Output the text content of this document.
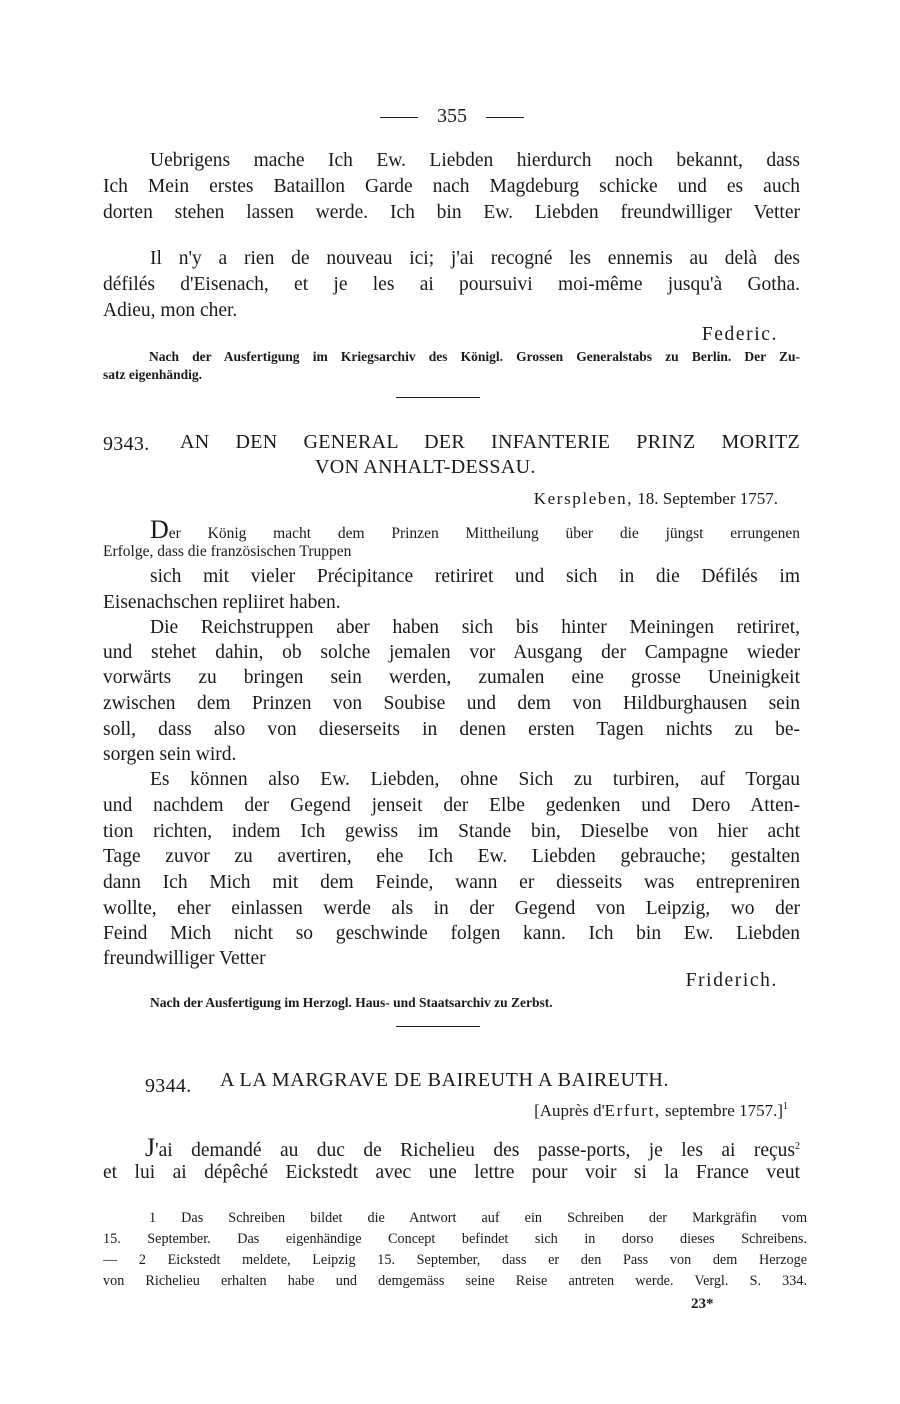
355
Uebrigens mache Ich Ew. Liebden hierdurch noch bekannt, dass
Ich Mein erstes Bataillon Garde nach Magdeburg schicke und es auch
dorten stehen lassen werde. Ich bin Ew. Liebden freundwilliger Vetter
Il n'y a rien de nouveau ici; j'ai recogné les ennemis au delà des
défilés d'Eisenach, et je les ai poursuivi moi-même jusqu'à Gotha.
Adieu, mon cher.
Federic.
Nach der Ausfertigung im Kriegsarchiv des Königl. Grossen Generalstabs zu Berlin. Der Zu-
satz eigenhändig.
9343. AN DEN GENERAL DER INFANTERIE PRINZ MORITZ
VON ANHALT-DESSAU.
Kerspleben, 18. September 1757.
Der König macht dem Prinzen Mittheilung über die jüngst errungenen
Erfolge, dass die französischen Truppen
sich mit vieler Précipitance retiriret und sich in die Défilés im
Eisenachschen repliiret haben.
Die Reichstruppen aber haben sich bis hinter Meiningen retiriret,
und stehet dahin, ob solche jemalen vor Ausgang der Campagne wieder
vorwärts zu bringen sein werden, zumalen eine grosse Uneinigkeit
zwischen dem Prinzen von Soubise und dem von Hildburghausen sein
soll, dass also von dieserseits in denen ersten Tagen nichts zu be-
sorgen sein wird.
Es können also Ew. Liebden, ohne Sich zu turbiren, auf Torgau
und nachdem der Gegend jenseit der Elbe gedenken und Dero Atten-
tion richten, indem Ich gewiss im Stande bin, Dieselbe von hier acht
Tage zuvor zu avertiren, ehe Ich Ew. Liebden gebrauche; gestalten
dann Ich Mich mit dem Feinde, wann er diesseits was entrepreniren
wollte, eher einlassen werde als in der Gegend von Leipzig, wo der
Feind Mich nicht so geschwinde folgen kann. Ich bin Ew. Liebden
freundwilliger Vetter
Friderich.
Nach der Ausfertigung im Herzogl. Haus- und Staatsarchiv zu Zerbst.
9344. A LA MARGRAVE DE BAIREUTH A BAIREUTH.
[Auprès d'Erfurt, septembre 1757.]$^1$
J'ai demandé au duc de Richelieu des passe-ports, je les ai reçus$^2$
et lui ai dépêché Eickstedt avec une lettre pour voir si la France veut
1 Das Schreiben bildet die Antwort auf ein Schreiben der Markgräfin vom
15. September. Das eigenhändige Concept befindet sich in dorso dieses Schreibens.
— 2 Eickstedt meldete, Leipzig 15. September, dass er den Pass von dem Herzoge
von Richelieu erhalten habe und demgemäss seine Reise antreten werde. Vergl. S. 334.
23*
